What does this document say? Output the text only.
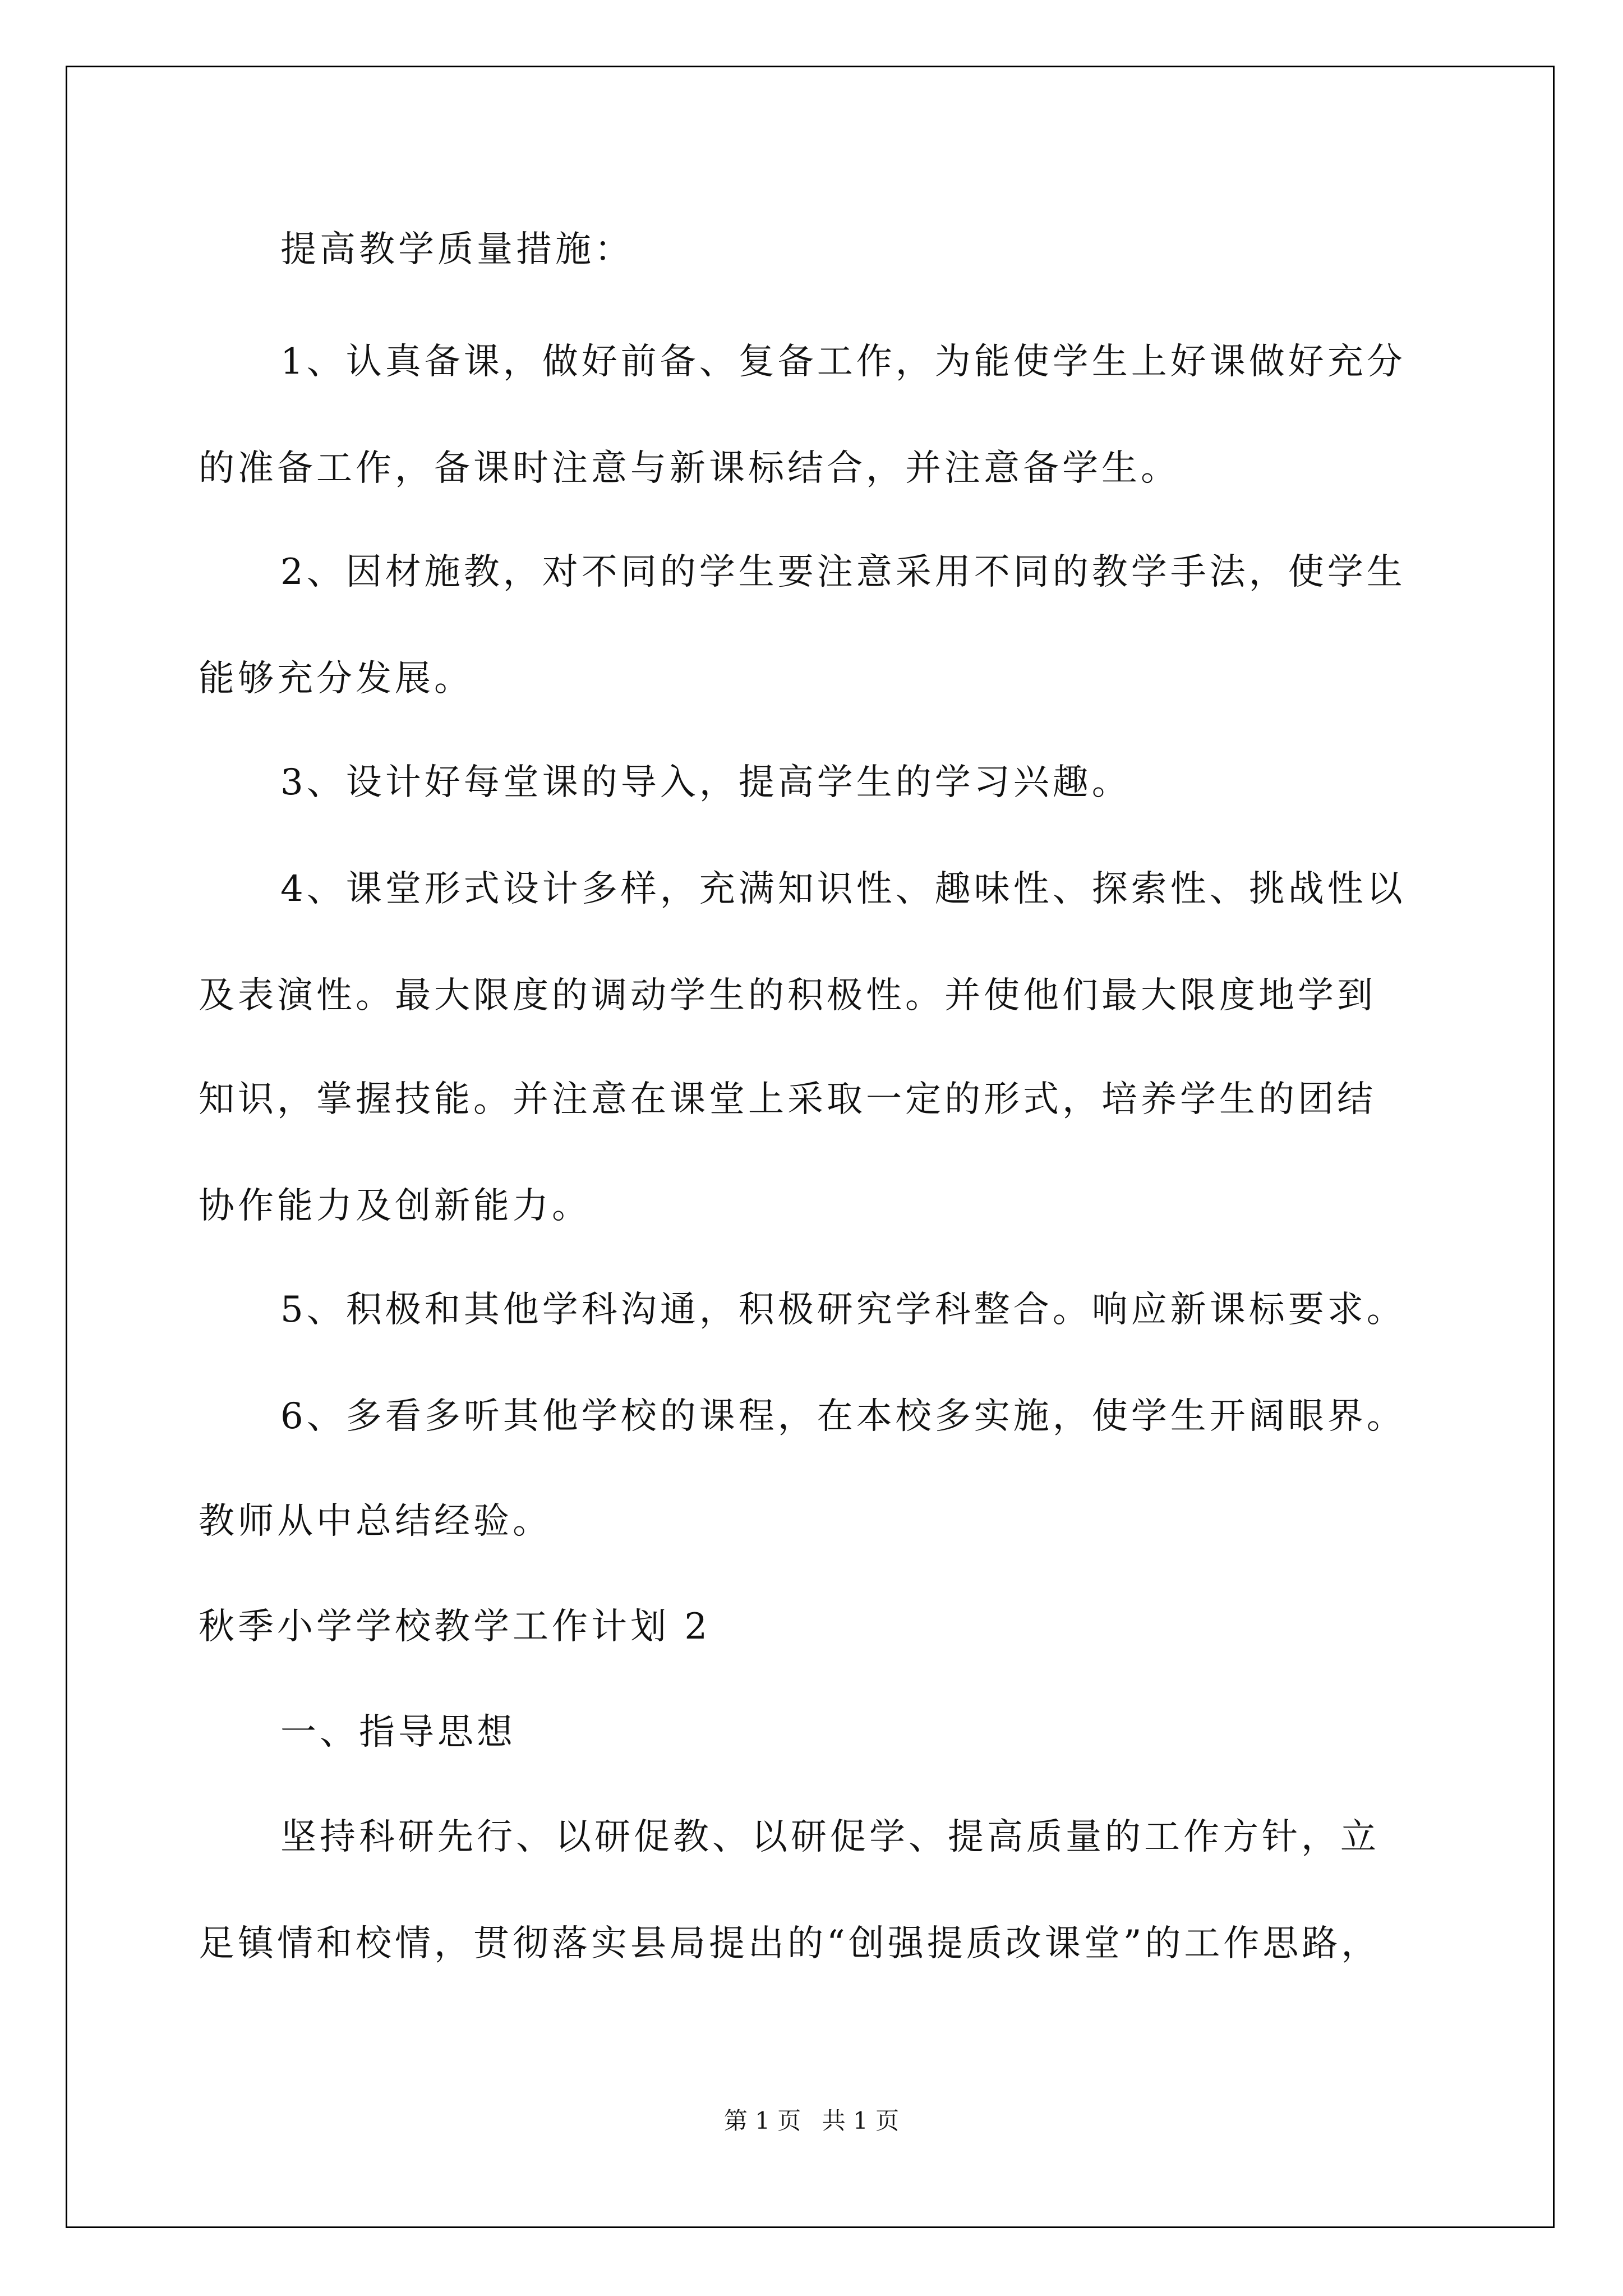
提高教学质量措施：

1、认真备课，做好前备、复备工作，为能使学生上好课做好充分

的准备工作，备课时注意与新课标结合，并注意备学生。

2、因材施教，对不同的学生要注意采用不同的教学手法，使学生

能够充分发展。

3、设计好每堂课的导入，提高学生的学习兴趣。

4、课堂形式设计多样，充满知识性、趣味性、探索性、挑战性以

及表演性。最大限度的调动学生的积极性。并使他们最大限度地学到

知识，掌握技能。并注意在课堂上采取一定的形式，培养学生的团结

协作能力及创新能力。

5、积极和其他学科沟通，积极研究学科整合。响应新课标要求。

6、多看多听其他学校的课程，在本校多实施，使学生开阔眼界。

教师从中总结经验。

秋季小学学校教学工作计划 2

一、指导思想

坚持科研先行、以研促教、以研促学、提高质量的工作方针，立

足镇情和校情，贯彻落实县局提出的“创强提质改课堂”的工作思路，

第 1 页 共 1 页
